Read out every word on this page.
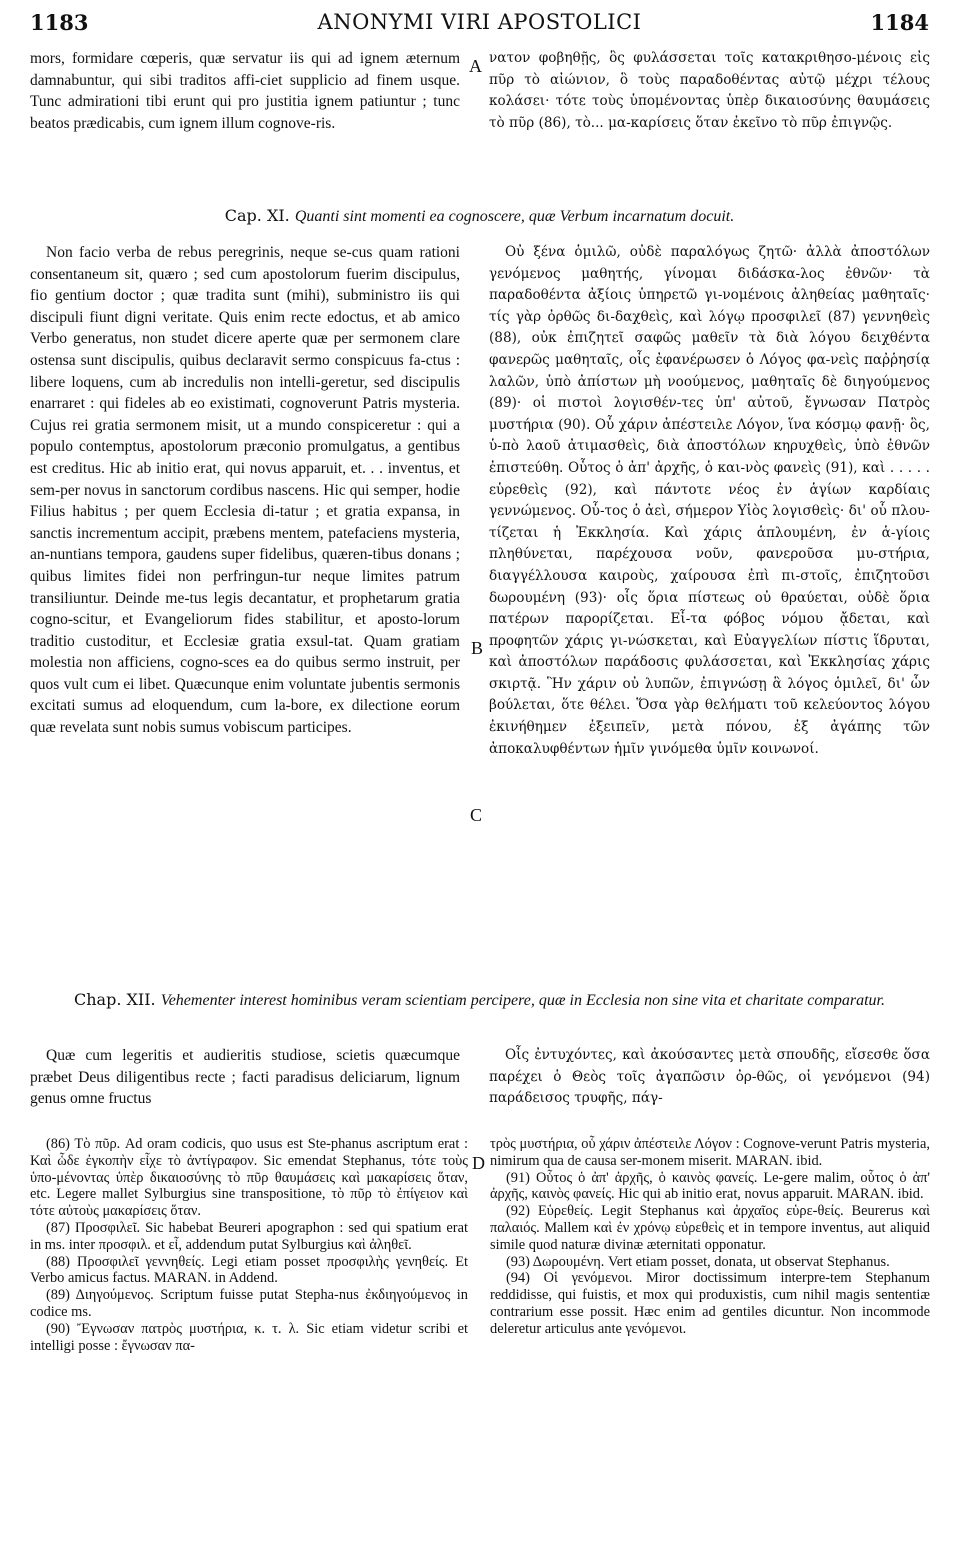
1183	ANONYMI VIRI APOSTOLICI	1184
A
B
C
D

mors, formidare cœperis, quæ servatur iis qui ad ignem æternum damnabuntur, qui sibi traditos affi-ciet supplicio ad finem usque. Tunc admirationi tibi erunt qui pro justitia ignem patiuntur ; tunc beatos prædicabis, cum ignem illum cognove-ris.

νατον φοβηθῇς, ὃς φυλάσσεται τοῖς κατακριθησο-μένοις εἰς πῦρ τὸ αἰώνιον, ὃ τοὺς παραδοθέντας αὐτῷ μέχρι τέλους κολάσει· τότε τοὺς ὑπομένοντας ὑπὲρ δικαιοσύνης θαυμάσεις τὸ πῦρ (86), τὸ... μα-καρίσεις ὅταν ἐκεῖνο τὸ πῦρ ἐπιγνῷς.

Cap. XI. Quanti sint momenti ea cognoscere, quæ Verbum incarnatum docuit.

Non facio verba de rebus peregrinis, neque se-cus quam rationi consentaneum sit, quæro ; sed cum apostolorum fuerim discipulus, fio gentium doctor ; quæ tradita sunt (mihi), subministro iis qui discipuli fiunt digni veritate. Quis enim recte edoctus, et ab amico Verbo generatus, non studet dicere aperte quæ per sermonem clare ostensa sunt discipulis, quibus declaravit sermo conspicuus fa-ctus : libere loquens, cum ab incredulis non intelli-geretur, sed discipulis enarraret : qui fideles ab eo existimati, cognoverunt Patris mysteria. Cujus rei gratia sermonem misit, ut a mundo conspiceretur : qui a populo contemptus, apostolorum præconio promulgatus, a gentibus est creditus. Hic ab initio erat, qui novus apparuit, et. . . inventus, et sem-per novus in sanctorum cordibus nascens. Hic qui semper, hodie Filius habitus ; per quem Ecclesia di-tatur ; et gratia expansa, in sanctis incrementum accipit, præbens mentem, patefaciens mysteria, an-nuntians tempora, gaudens super fidelibus, quæren-tibus donans ; quibus limites fidei non perfringun-tur neque limites patrum transiliuntur. Deinde me-tus legis decantatur, et prophetarum gratia cogno-scitur, et Evangeliorum fides stabilitur, et aposto-lorum traditio custoditur, et Ecclesiæ gratia exsul-tat. Quam gratiam molestia non afficiens, cogno-sces ea do quibus sermo instruit, per quos vult cum ei libet. Quæcunque enim voluntate jubentis sermonis excitati sumus ad eloquendum, cum la-bore, ex dilectione eorum quæ revelata sunt nobis sumus vobiscum participes.

Οὐ ξένα ὁμιλῶ, οὐδὲ παραλόγως ζητῶ· ἀλλὰ ἀποστόλων γενόμενος μαθητής, γίνομαι διδάσκα-λος ἐθνῶν· τὰ παραδοθέντα ἀξίοις ὑπηρετῶ γι-νομένοις ἀληθείας μαθηταῖς· τίς γὰρ ὀρθῶς δι-δαχθεὶς, καὶ λόγῳ προσφιλεῖ (87) γεννηθεὶς (88), οὐκ ἐπιζητεῖ σαφῶς μαθεῖν τὰ διὰ λόγου δειχθέντα φανερῶς μαθηταῖς, οἷς ἐφανέρωσεν ὁ Λόγος φα-νεὶς παῤῥησίᾳ λαλῶν, ὑπὸ ἀπίστων μὴ νοούμενος, μαθηταῖς δὲ διηγούμενος (89)· οἱ πιστοὶ λογισθέν-τες ὑπ' αὐτοῦ, ἔγνωσαν Πατρὸς μυστήρια (90). Οὗ χάριν ἀπέστειλε Λόγον, ἵνα κόσμῳ φανῇ· ὃς, ὑ-πὸ λαοῦ ἀτιμασθεὶς, διὰ ἀποστόλων κηρυχθεὶς, ὑπὸ ἐθνῶν ἐπιστεύθη. Οὗτος ὁ ἀπ' ἀρχῆς, ὁ και-νὸς φανεὶς (91), καὶ . . . . . εὑρεθεὶς (92), καὶ πάντοτε νέος ἐν ἁγίων καρδίαις γεννώμενος. Οὗ-τος ὁ ἀεὶ, σήμερον Υἱὸς λογισθεὶς· δι' οὗ πλου-τίζεται ἡ Ἐκκλησία. Καὶ χάρις ἁπλουμένη, ἐν ἁ-γίοις πληθύνεται, παρέχουσα νοῦν, φανεροῦσα μυ-στήρια, διαγγέλλουσα καιροὺς, χαίρουσα ἐπὶ πι-στοῖς, ἐπιζητοῦσι δωρουμένη (93)· οἷς ὅρια πίστεως οὐ θραύεται, οὐδὲ ὅρια πατέρων παρορίζεται. Εἶ-τα φόβος νόμου ᾄδεται, καὶ προφητῶν χάρις γι-νώσκεται, καὶ Εὐαγγελίων πίστις ἵδρυται, καὶ ἀποστόλων παράδοσις φυλάσσεται, καὶ Ἐκκλησίας χάρις σκιρτᾷ. Ἣν χάριν οὐ λυπῶν, ἐπιγνώσῃ ἃ λόγος ὁμιλεῖ, δι' ὧν βούλεται, ὅτε θέλει. Ὅσα γὰρ θελήματι τοῦ κελεύοντος λόγου ἐκινήθημεν ἐξειπεῖν, μετὰ πόνου, ἐξ ἀγάπης τῶν ἀποκαλυφθέντων ἡμῖν γινόμεθα ὑμῖν κοινωνοί.

Chap. XII. Vehementer interest hominibus veram scientiam percipere, quæ in Ecclesia non sine vita et charitate comparatur.

Quæ cum legeritis et audieritis studiose, scietis quæcumque præbet Deus diligentibus recte ; facti paradisus deliciarum, lignum genus omne fructus

Οἷς ἐντυχόντες, καὶ ἀκούσαντες μετὰ σπουδῆς, εἴσεσθε ὅσα παρέχει ὁ Θεὸς τοῖς ἀγαπῶσιν ὀρ-θῶς, οἱ γενόμενοι (94) παράδεισος τρυφῆς, πάγ-

(86) Τὸ πῦρ. Ad oram codicis, quo usus est Ste-phanus ascriptum erat : Καὶ ὧδε ἐγκοπὴν εἶχε τὸ ἀντίγραφον. Sic emendat Stephanus, τότε τοὺς ὑπο-μένοντας ὑπὲρ δικαιοσύνης τὸ πῦρ θαυμάσεις καὶ μακαρίσεις ὅταν, etc. Legere mallet Sylburgius sine transpositione, τὸ πῦρ τὸ ἐπίγειον καὶ τότε αὐτοὺς μακαρίσεις ὅταν.

(87) Προσφιλεῖ. Sic habebat Beureri apographon : sed qui spatium erat in ms. inter προσφιλ. et εἶ, addendum putat Sylburgius καὶ ἀληθεῖ.

(88) Προσφιλεῖ γεννηθείς. Legi etiam posset προσφιλὴς γενηθείς. Et Verbo amicus factus. MARAN. in Addend.

(89) Διηγούμενος. Scriptum fuisse putat Stepha-nus ἐκδιηγούμενος in codice ms.

(90) Ἔγνωσαν πατρὸς μυστήρια, κ. τ. λ. Sic etiam videtur scribi et intelligi posse : ἔγνωσαν πα-

τρὸς μυστήρια, οὗ χάριν ἀπέστειλε Λόγον : Cognove-verunt Patris mysteria, nimirum qua de causa ser-monem miserit. MARAN. ibid.

(91) Οὗτος ὁ ἀπ' ἀρχῆς, ὁ καινὸς φανείς. Le-gere malim, οὗτος ὁ ἀπ' ἀρχῆς, καινὸς φανείς. Hic qui ab initio erat, novus apparuit. MARAN. ibid.

(92) Εὑρεθείς. Legit Stephanus καὶ ἀρχαῖος εὑρε-θείς. Beurerus καὶ παλαιός. Mallem καὶ ἐν χρόνῳ εὑρεθεὶς et in tempore inventus, aut aliquid simile quod naturæ divinæ æternitati opponatur.

(93) Δωρουμένη. Vert etiam posset, donata, ut observat Stephanus.

(94) Οἱ γενόμενοι. Miror doctissimum interpre-tem Stephanum reddidisse, qui fuistis, et mox qui produxistis, cum nihil magis sententiæ contrarium esse possit. Hæc enim ad gentiles dicuntur. Non incommode deleretur articulus ante γενόμενοι.
